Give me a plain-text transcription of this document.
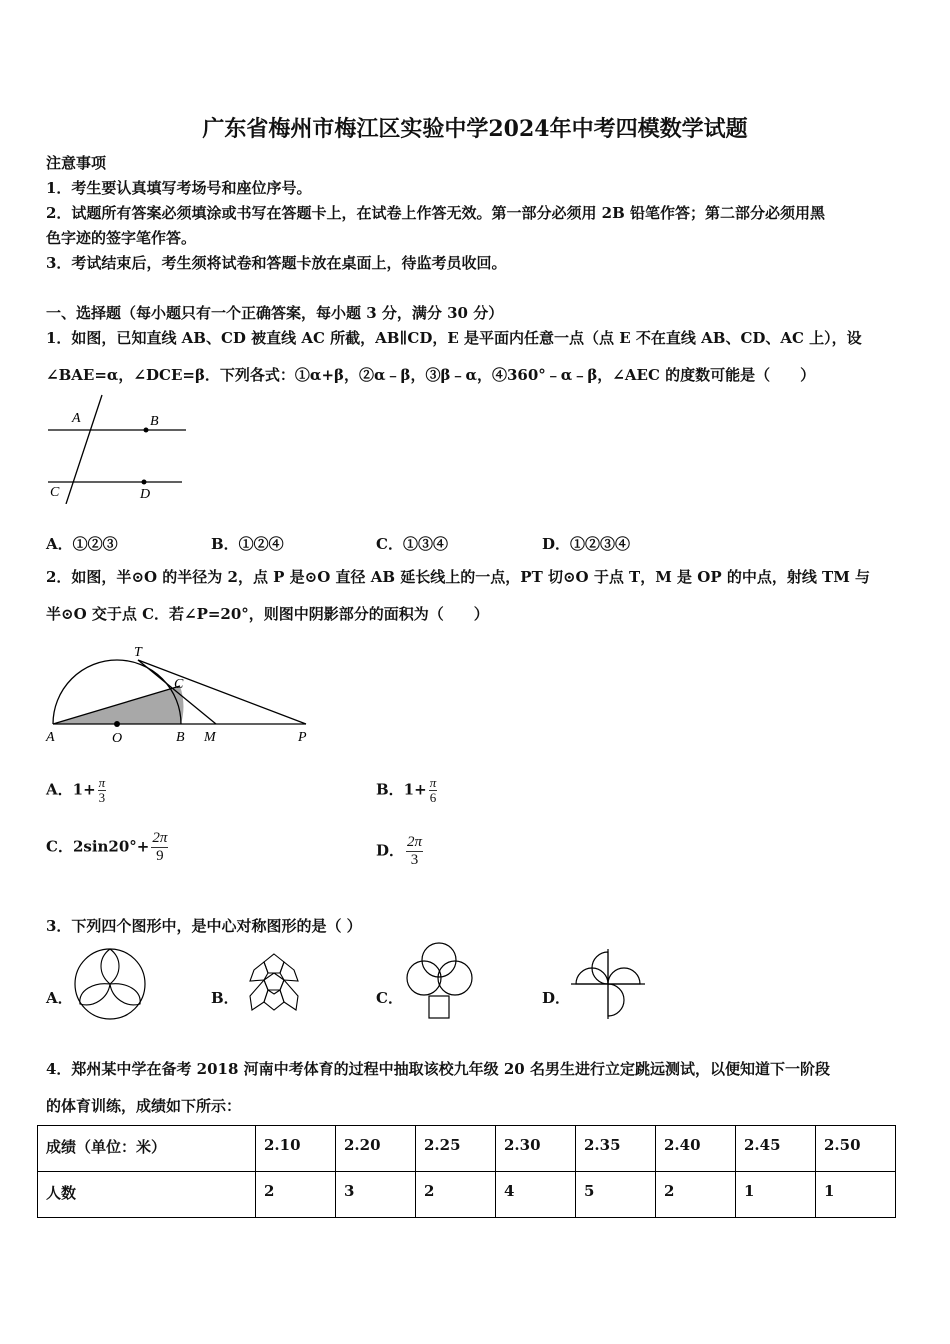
广东省梅州市梅江区实验中学2024年中考四模数学试题
注意事项
1．考生要认真填写考场号和座位序号。
2．试题所有答案必须填涂或书写在答题卡上，在试卷上作答无效。第一部分必须用 2B 铅笔作答；第二部分必须用黑
色字迹的签字笔作答。
3．考试结束后，考生须将试卷和答题卡放在桌面上，待监考员收回。
一、选择题（每小题只有一个正确答案，每小题 3 分，满分 30 分）
1．如图，已知直线 AB、CD 被直线 AC 所截，AB∥CD，E 是平面内任意一点（点 E 不在直线 AB、CD、AC 上），设
∠BAE=α，∠DCE=β．下列各式：①α+β，②α﹣β，③β﹣α，④360°﹣α﹣β，∠AEC 的度数可能是（　　）
A	B
C	D
A．①②③	B．①②④	C．①③④	D．①②③④
2．如图，半⊙O 的半径为 2，点 P 是⊙O 直径 AB 延长线上的一点，PT 切⊙O 于点 T，M 是 OP 的中点，射线 TM 与
半⊙O 交于点 C．若∠P=20°，则图中阴影部分的面积为（　　）
T
C
A	O	B M	P
A．$1+ \frac{\pi}{3}$	B．$1+ \frac{\pi}{6}$
C．$2\sin 20^\circ+ \frac{2\pi}{9}$	D． $\frac{2\pi}{3}$
3．下列四个图形中，是中心对称图形的是（ ）
A．	B．	C．	D．
4．郑州某中学在备考 2018 河南中考体育的过程中抽取该校九年级 20 名男生进行立定跳远测试，以便知道下一阶段
的体育训练，成绩如下所示：
成绩（单位：米）	2.10	2.20	2.25	2.30	2.35	2.40	2.45	2.50
人数	2	3	2	4	5	2	1	1
